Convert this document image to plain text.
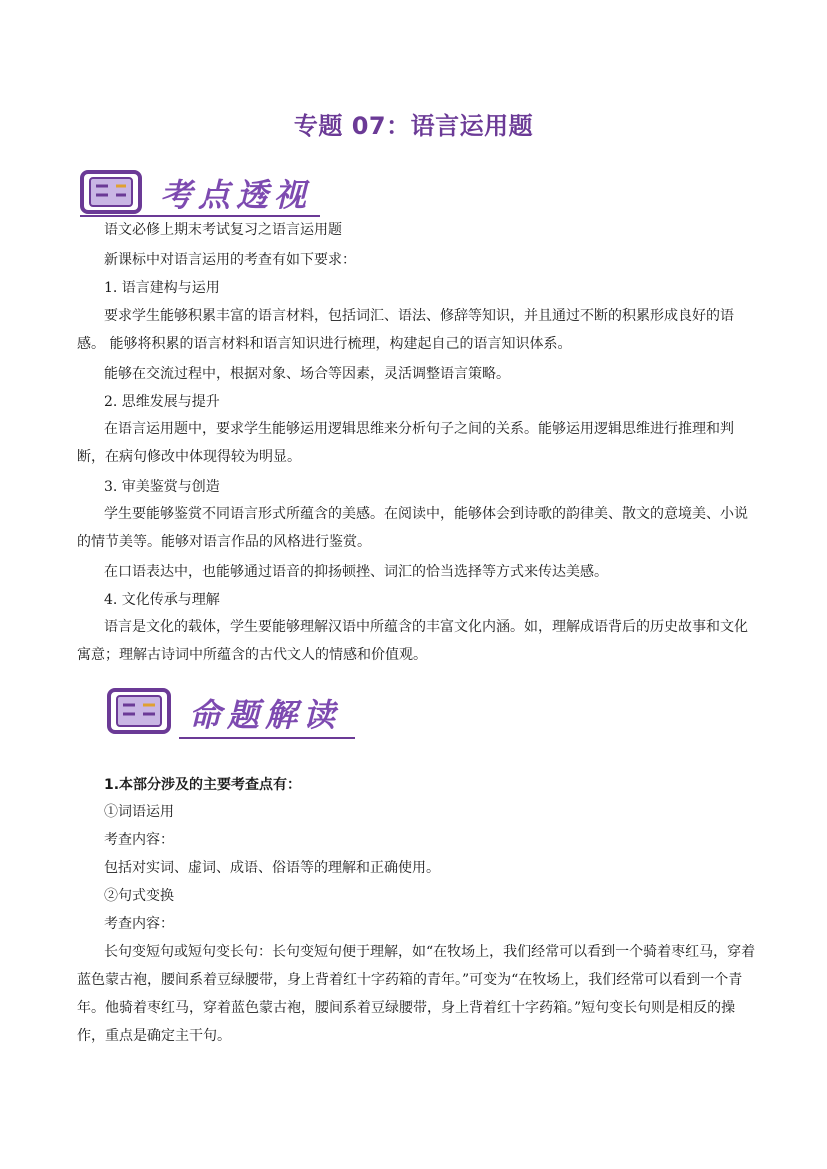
专题 07：语言运用题
考点透视
语文必修上期末考试复习之语言运用题
新课标中对语言运用的考查有如下要求：
1. 语言建构与运用
要求学生能够积累丰富的语言材料，包括词汇、语法、修辞等知识，并且通过不断的积累形成良好的语感。 能够将积累的语言材料和语言知识进行梳理，构建起自己的语言知识体系。
能够在交流过程中，根据对象、场合等因素，灵活调整语言策略。
2. 思维发展与提升
在语言运用题中，要求学生能够运用逻辑思维来分析句子之间的关系。能够运用逻辑思维进行推理和判断，在病句修改中体现得较为明显。
3. 审美鉴赏与创造
学生要能够鉴赏不同语言形式所蕴含的美感。在阅读中，能够体会到诗歌的韵律美、散文的意境美、小说的情节美等。能够对语言作品的风格进行鉴赏。
在口语表达中，也能够通过语音的抑扬顿挫、词汇的恰当选择等方式来传达美感。
4. 文化传承与理解
语言是文化的载体，学生要能够理解汉语中所蕴含的丰富文化内涵。如，理解成语背后的历史故事和文化寓意；理解古诗词中所蕴含的古代文人的情感和价值观。
命题解读
1.本部分涉及的主要考查点有：
①词语运用
考查内容：
包括对实词、虚词、成语、俗语等的理解和正确使用。
②句式变换
考查内容：
长句变短句或短句变长句：长句变短句便于理解，如“在牧场上，我们经常可以看到一个骑着枣红马，穿着蓝色蒙古袍，腰间系着豆绿腰带，身上背着红十字药箱的青年。”可变为“在牧场上，我们经常可以看到一个青年。他骑着枣红马，穿着蓝色蒙古袍，腰间系着豆绿腰带，身上背着红十字药箱。”短句变长句则是相反的操作，重点是确定主干句。
